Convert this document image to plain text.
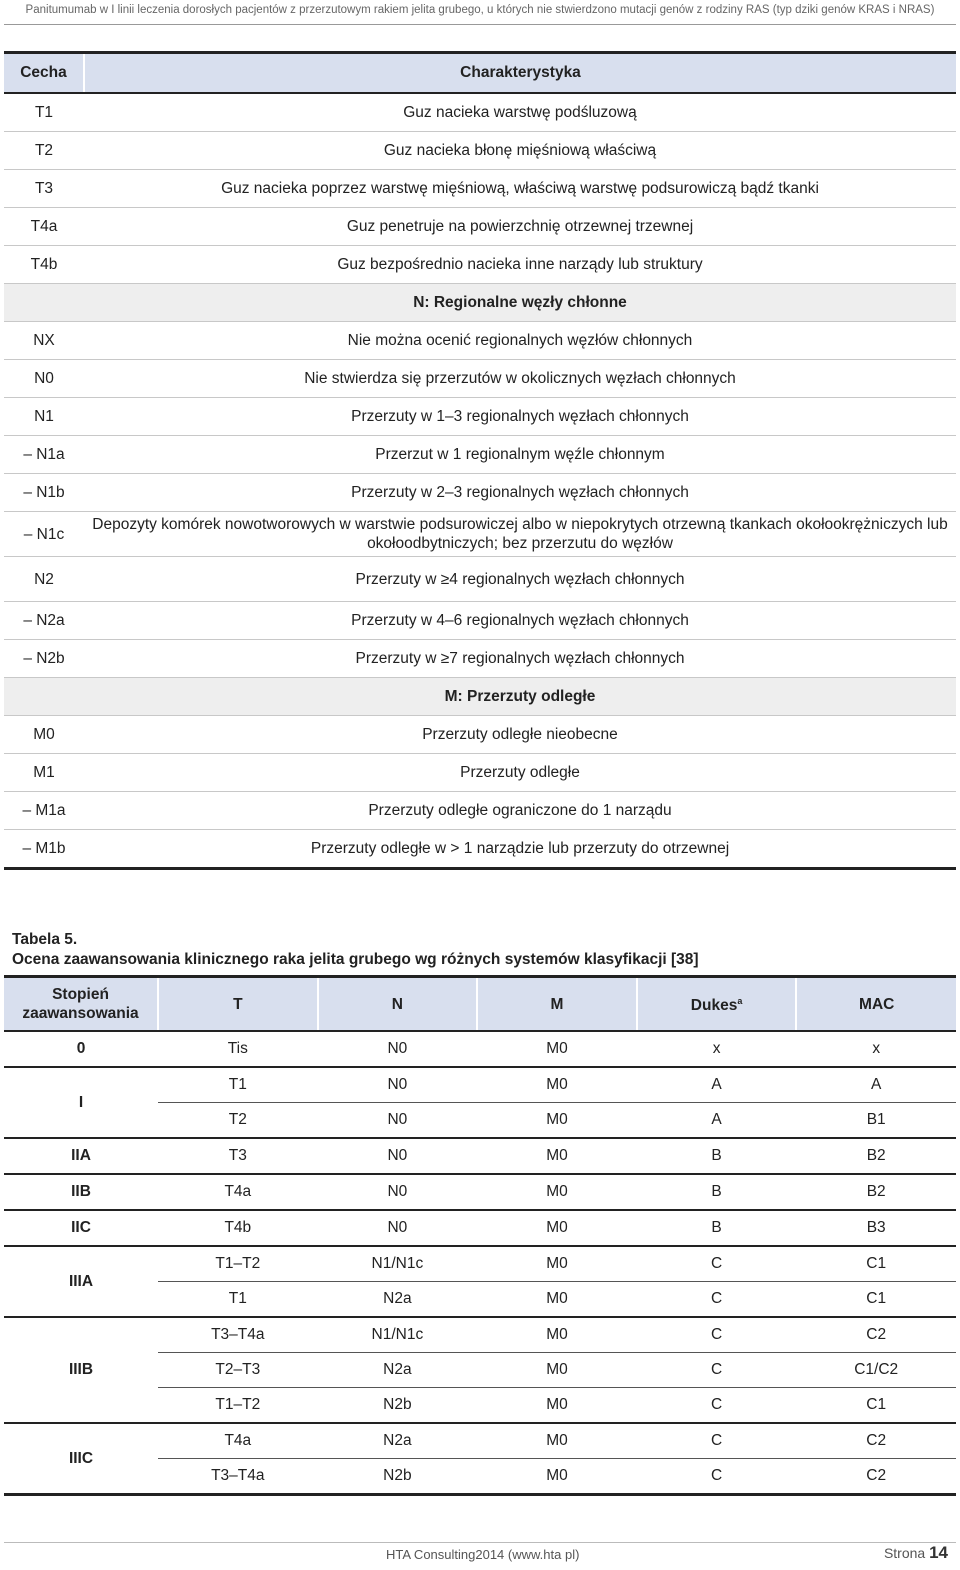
Panitumumab w I linii leczenia dorosłych pacjentów z przerzutowym rakiem jelita grubego, u których nie stwierdzono mutacji genów z rodziny RAS (typ dziki genów KRAS i NRAS)
Cecha	Charakterystyka
T1	Guz nacieka warstwę podśluzową
T2	Guz nacieka błonę mięśniową właściwą
T3	Guz nacieka poprzez warstwę mięśniową, właściwą warstwę podsurowiczą bądź tkanki
T4a	Guz penetruje na powierzchnię otrzewnej trzewnej
T4b	Guz bezpośrednio nacieka inne narządy lub struktury
	N: Regionalne węzły chłonne
NX	Nie można ocenić regionalnych węzłów chłonnych
N0	Nie stwierdza się przerzutów w okolicznych węzłach chłonnych
N1	Przerzuty w 1–3 regionalnych węzłach chłonnych
– N1a	Przerzut w 1 regionalnym węźle chłonnym
– N1b	Przerzuty w 2–3 regionalnych węzłach chłonnych
– N1c	Depozyty komórek nowotworowych w warstwie podsurowiczej albo w niepokrytych otrzewną tkankach okołookrężniczych lub okołoodbytniczych; bez przerzutu do węzłów
N2	Przerzuty w ≥4 regionalnych węzłach chłonnych
– N2a	Przerzuty w 4–6 regionalnych węzłach chłonnych
– N2b	Przerzuty w ≥7 regionalnych węzłach chłonnych
	M: Przerzuty odległe
M0	Przerzuty odległe nieobecne
M1	Przerzuty odległe
– M1a	Przerzuty odległe ograniczone do 1 narządu
– M1b	Przerzuty odległe w > 1 narządzie lub przerzuty do otrzewnej
Tabela 5.
Ocena zaawansowania klinicznego raka jelita grubego wg różnych systemów klasyfikacji [38]
Stopień
zaawansowania	T	N	M	Dukes$^a$	MAC
0	Tis	N0	M0	x	x
I	T1	N0	M0	A	A
	T2	N0	M0	A	B1
IIA	T3	N0	M0	B	B2
IIB	T4a	N0	M0	B	B2
IIC	T4b	N0	M0	B	B3
IIIA	T1–T2	N1/N1c	M0	C	C1
	T1	N2a	M0	C	C1
IIIB	T3–T4a	N1/N1c	M0	C	C2
	T2–T3	N2a	M0	C	C1/C2
	T1–T2	N2b	M0	C	C1
IIIC	T4a	N2a	M0	C	C2
	T3–T4a	N2b	M0	C	C2
HTA Consulting2014 (www.hta pl)	Strona 14
